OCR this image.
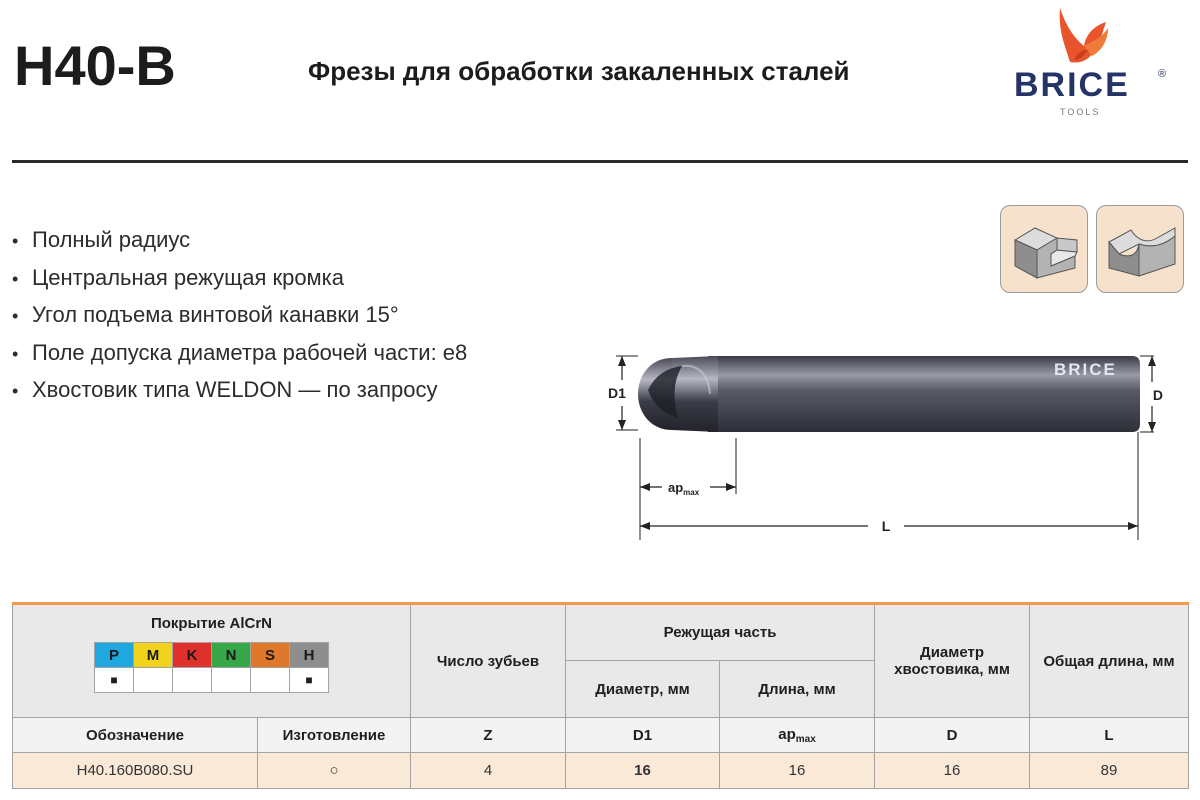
H40-B	Фрезы для обработки закаленных сталей	BRICE	®
TOOLS
• Полный радиус
• Центральная режущая кромка
• Угол подъема винтовой канавки 15°
• Поле допуска диаметра рабочей части: е8
• Хвостовик типа WELDON — по запросу
BRICE
D1	D
$ap_{max}$
L
Покрытие AlCrN
P	M	K	N	S	H
■					■
	Число зубьев	Режущая часть	Диаметр хвостовика, мм	Общая длина, мм
Диаметр, мм	Длина, мм
Обозначение	Изготовление	Z	D1	$ap_{max}$	D	L
H40.160B080.SU	○	4	16	16	16	89
